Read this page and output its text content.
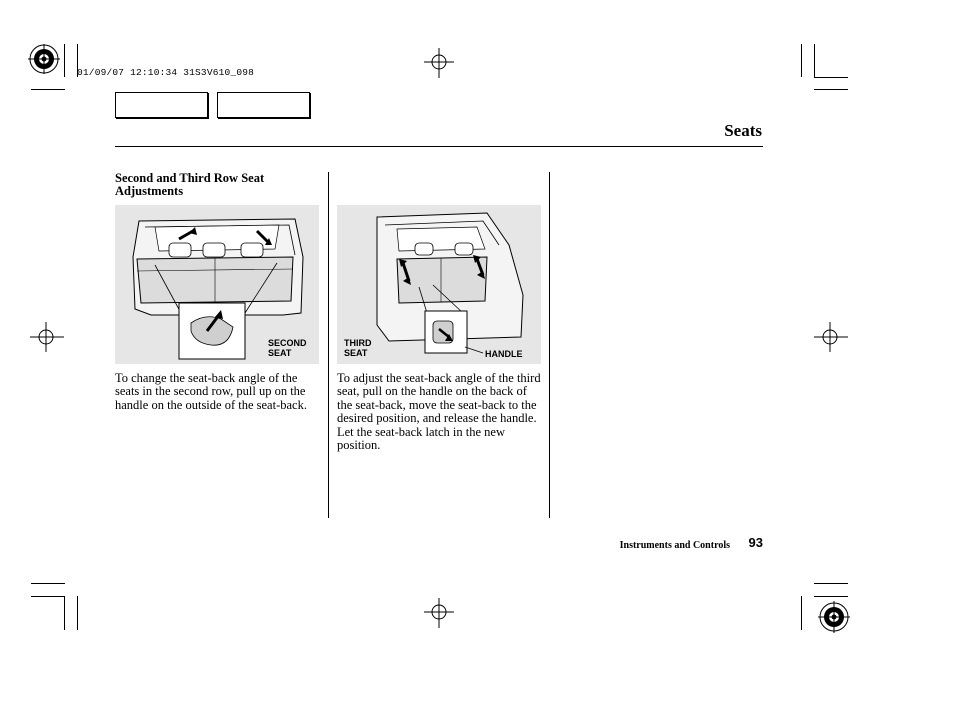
01/09/07 12:10:34 31S3V610_098
Seats
Second and Third Row Seat Adjustments
SECOND
SEAT
To change the seat-back angle of the seats in the second row, pull up on the handle on the outside of the seat-back.
THIRD
SEAT	HANDLE
To adjust the seat-back angle of the third seat, pull on the handle on the back of the seat-back, move the seat-back to the desired position, and release the handle. Let the seat-back latch in the new position.
Instruments and Controls 93
